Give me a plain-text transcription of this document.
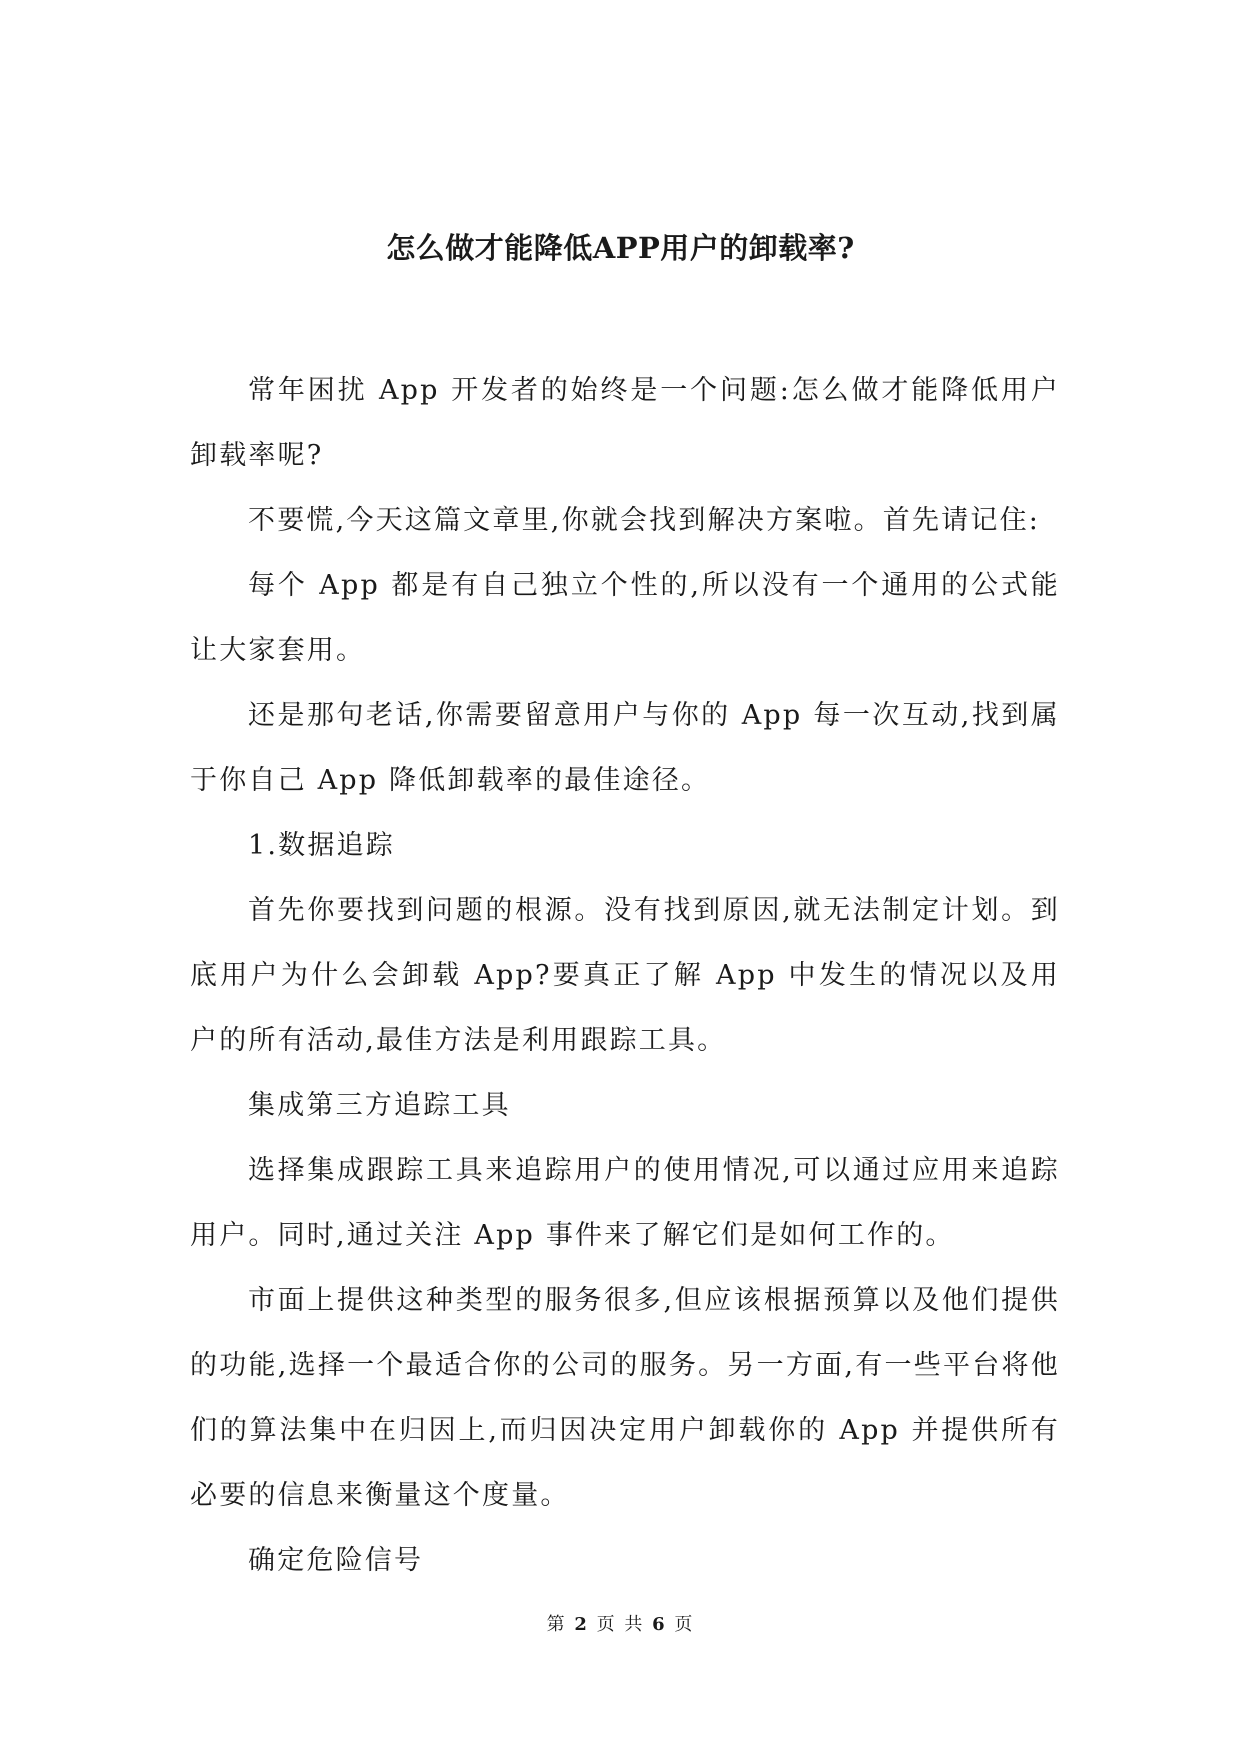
怎么做才能降低APP用户的卸载率?

常年困扰 App 开发者的始终是一个问题:怎么做才能降低用户卸载率呢?

不要慌,今天这篇文章里,你就会找到解决方案啦。首先请记住:

每个 App 都是有自己独立个性的,所以没有一个通用的公式能让大家套用。

还是那句老话,你需要留意用户与你的 App 每一次互动,找到属于你自己 App 降低卸载率的最佳途径。

1.数据追踪

首先你要找到问题的根源。没有找到原因,就无法制定计划。到底用户为什么会卸载 App?要真正了解 App 中发生的情况以及用户的所有活动,最佳方法是利用跟踪工具。

集成第三方追踪工具

选择集成跟踪工具来追踪用户的使用情况,可以通过应用来追踪用户。同时,通过关注 App 事件来了解它们是如何工作的。

市面上提供这种类型的服务很多,但应该根据预算以及他们提供的功能,选择一个最适合你的公司的服务。另一方面,有一些平台将他们的算法集中在归因上,而归因决定用户卸载你的 App 并提供所有必要的信息来衡量这个度量。

确定危险信号

第 2 页 共 6 页
